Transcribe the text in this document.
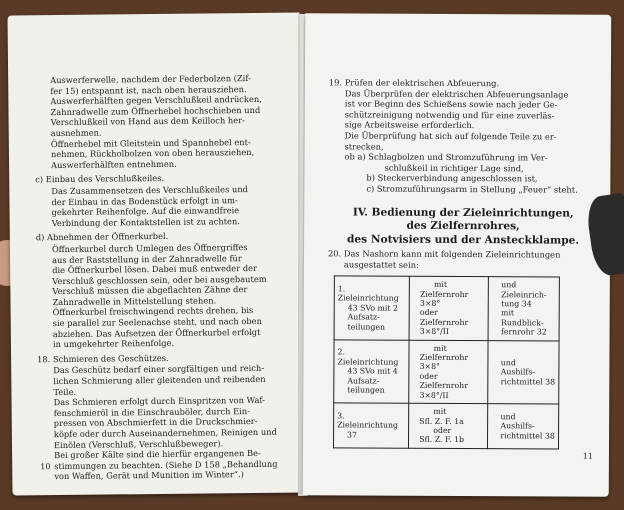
Auswerferwelle, nachdem der Federbolzen (Zif-
fer 15) entspannt ist, nach oben herausziehen.
Auswerferhälften gegen Verschlußkeil andrücken,
Zahnradwelle zum Öffnerhebel hochschieben und
Verschlußkeil von Hand aus dem Keilloch her-
ausnehmen.
Öffnerhebel mit Gleitstein und Spannhebel ent-
nehmen, Rückholbolzen von oben herausziehen,
Auswerferhälften entnehmen.
c) Einbau des Verschlußkeiles.
Das Zusammensetzen des Verschlußkeiles und
der Einbau in das Bodenstück erfolgt in um-
gekehrter Reihenfolge. Auf die einwandfreie
Verbindung der Kontaktstellen ist zu achten.
d) Abnehmen der Öffnerkurbel.
Öffnerkurbel durch Umlegen des Öffnergriffes
aus der Raststellung in der Zahnradwelle für
die Öffnerkurbel lösen. Dabei muß entweder der
Verschluß geschlossen sein, oder bei ausgebautem
Verschluß müssen die abgeflachten Zähne der
Zahnradwelle in Mittelstellung stehen.
Öffnerkurbel freischwingend rechts drehen, bis
sie parallel zur Seelenachse steht, und nach oben
abziehen. Das Aufsetzen der Öffnerkurbel erfolgt
in umgekehrter Reihenfolge.
18. Schmieren des Geschützes.
Das Geschütz bedarf einer sorgfältigen und reich-
lichen Schmierung aller gleitenden und reibenden
Teile.
Das Schmieren erfolgt durch Einspritzen von Waf-
fenschmieröl in die Einschrauböler, durch Ein-
pressen von Abschmierfett in die Druckschmier-
köpfe oder durch Auseinandernehmen, Reinigen und
Einölen (Verschluß, Verschlußbeweger).
Bei großer Kälte sind die hierfür ergangenen Be-
stimmungen zu beachten. (Siehe D 158 „Behandlung
von Waffen, Gerät und Munition im Winter“.)
10
19. Prüfen der elektrischen Abfeuerung.
Das Überprüfen der elektrischen Abfeuerungsanlage
ist vor Beginn des Schießens sowie nach jeder Ge-
schützreinigung notwendig und für eine zuverläs-
sige Arbeitsweise erforderlich.
Die Überprüfung hat sich auf folgende Teile zu er-
strecken,
ob a) Schlagbolzen und Stromzuführung im Ver-
schlußkeil in richtiger Lage sind,
b) Steckerverbindung angeschlossen ist,
c) Stromzuführungsarm in Stellung „Feuer“ steht.
IV. Bedienung der Zieleinrichtungen,
des Zielfernrohres,
des Notvisiers und der Ansteckklampe.
20. Das Nashorn kann mit folgenden Zieleinrichtungen
ausgestattet sein:
1. Zieleinrichtung
43 SVo mit 2
Aufsatz-
teilungen	mit
Zielfernrohr 3×8°
oder
Zielfernrohr
3×8°/II	und
Zieleinrich-
tung 34
mit Rundblick-
fernrohr 32

2. Zieleinrichtung
43 SVo mit 4
Aufsatz-
teilungen	mit
Zielfernrohr 3×8°
oder
Zielfernrohr
3×8°/II	und
Aushilfs-
richtmittel 38

3. Zieleinrichtung
37	mit
Sfl. Z. F. 1a
oder
Sfl. Z. F. 1b	und
Aushilfs-
richtmittel 38
11
